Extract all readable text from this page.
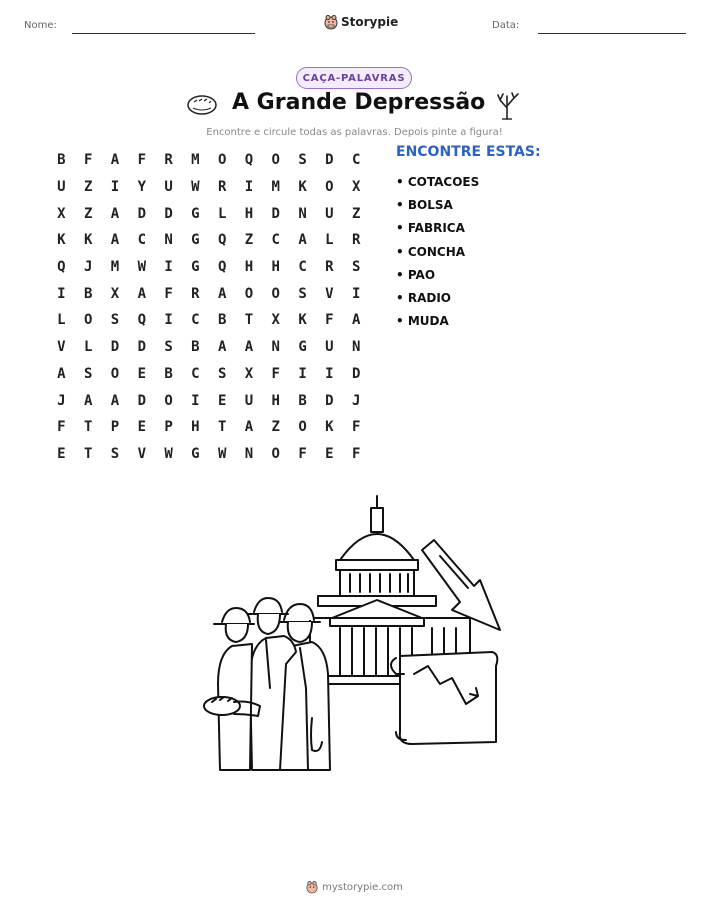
Nome:	Storypie	Data:
CAÇA-PALAVRAS
A Grande Depressão
Encontre e circule todas as palavras. Depois pinte a figura!
B	F	A	F	R	M	O	Q	O	S	D	C
U	Z	I	Y	U	W	R	I	M	K	O	X
X	Z	A	D	D	G	L	H	D	N	U	Z
K	K	A	C	N	G	Q	Z	C	A	L	R
Q	J	M	W	I	G	Q	H	H	C	R	S
I	B	X	A	F	R	A	O	O	S	V	I
L	O	S	Q	I	C	B	T	X	K	F	A
V	L	D	D	S	B	A	A	N	G	U	N
A	S	O	E	B	C	S	X	F	I	I	D
J	A	A	D	O	I	E	U	H	B	D	J
F	T	P	E	P	H	T	A	Z	O	K	F
E	T	S	V	W	G	W	N	O	F	E	F
ENCONTRE ESTAS:
• COTACOES
• BOLSA
• FABRICA
• CONCHA
• PAO
• RADIO
• MUDA
mystorypie.com
